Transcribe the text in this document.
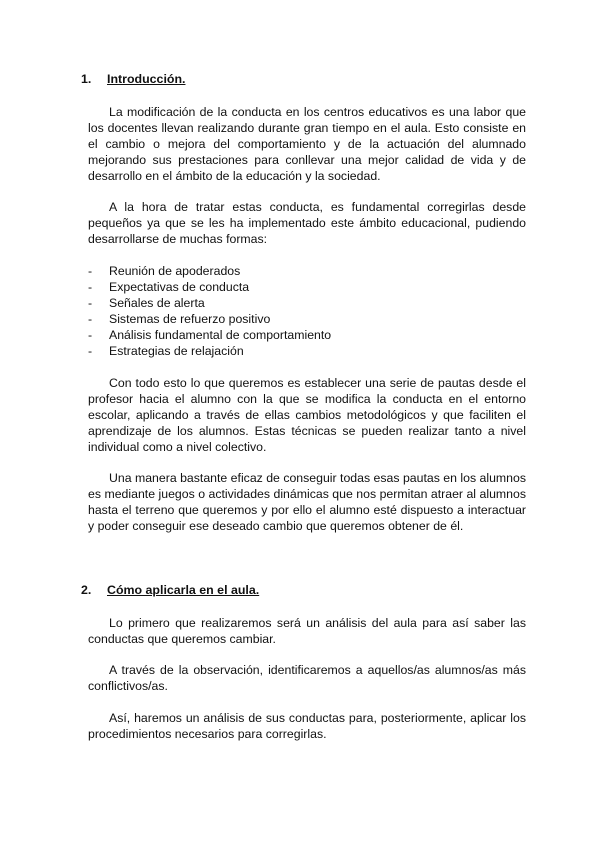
1. Introducción.

La modificación de la conducta en los centros educativos es una labor que los docentes llevan realizando durante gran tiempo en el aula. Esto consiste en el cambio o mejora del comportamiento y de la actuación del alumnado mejorando sus prestaciones para conllevar una mejor calidad de vida y de desarrollo en el ámbito de la educación y la sociedad.

A la hora de tratar estas conducta, es fundamental corregirlas desde pequeños ya que se les ha implementado este ámbito educacional, pudiendo desarrollarse de muchas formas:

- Reunión de apoderados
- Expectativas de conducta
- Señales de alerta
- Sistemas de refuerzo positivo
- Análisis fundamental de comportamiento
- Estrategias de relajación

Con todo esto lo que queremos es establecer una serie de pautas desde el profesor hacia el alumno con la que se modifica la conducta en el entorno escolar, aplicando a través de ellas cambios metodológicos y que faciliten el aprendizaje de los alumnos. Estas técnicas se pueden realizar tanto a nivel individual como a nivel colectivo.

Una manera bastante eficaz de conseguir todas esas pautas en los alumnos es mediante juegos o actividades dinámicas que nos permitan atraer al alumnos hasta el terreno que queremos y por ello el alumno esté dispuesto a interactuar y poder conseguir ese deseado cambio que queremos obtener de él.

2. Cómo aplicarla en el aula.

Lo primero que realizaremos será un análisis del aula para así saber las conductas que queremos cambiar.

A través de la observación, identificaremos a aquellos/as alumnos/as más conflictivos/as.

Así, haremos un análisis de sus conductas para, posteriormente, aplicar los procedimientos necesarios para corregirlas.
